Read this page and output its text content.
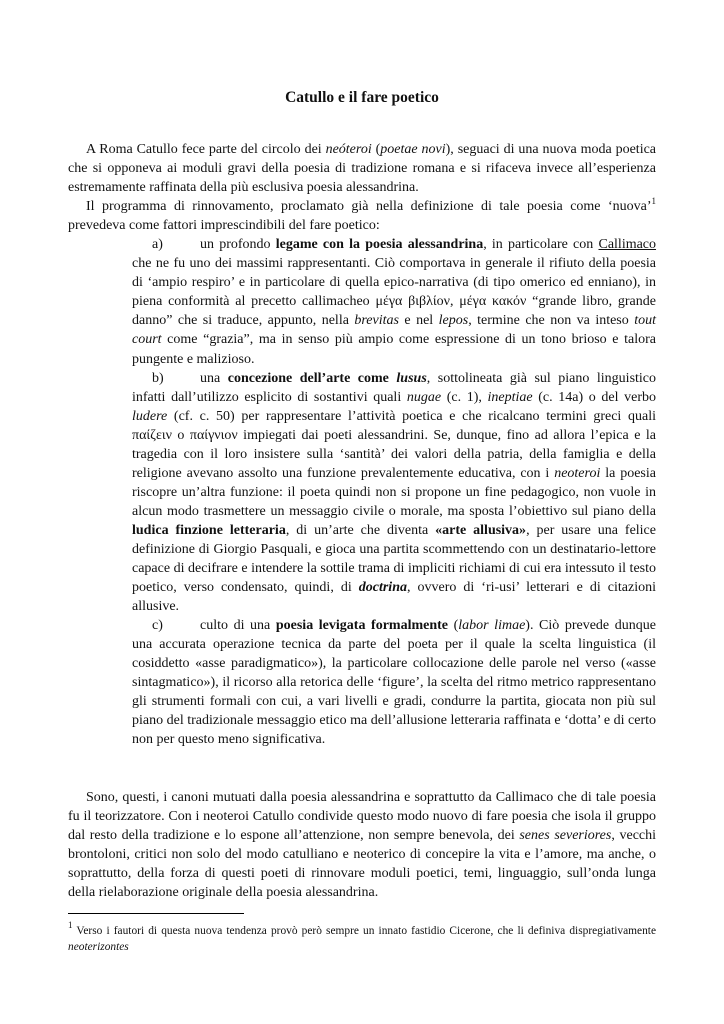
Catullo e il fare poetico

A Roma Catullo fece parte del circolo dei neóteroi (poetae novi), seguaci di una nuova moda poetica che si opponeva ai moduli gravi della poesia di tradizione romana e si rifaceva invece all’esperienza estremamente raffinata della più esclusiva poesia alessandrina.

Il programma di rinnovamento, proclamato già nella definizione di tale poesia come ‘nuova’$^1$ prevedeva come fattori imprescindibili del fare poetico:

a)	un profondo legame con la poesia alessandrina, in particolare con Callimaco che ne fu uno dei massimi rappresentanti. Ciò comportava in generale il rifiuto della poesia di ‘ampio respiro’ e in particolare di quella epico-narrativa (di tipo omerico ed enniano), in piena conformità al precetto callimacheo μέγα βιβλίον, μέγα κακόν “grande libro, grande danno” che si traduce, appunto, nella brevitas e nel lepos, termine che non va inteso tout court come “grazia”, ma in senso più ampio come espressione di un tono brioso e talora pungente e malizioso.

b)	una concezione dell’arte come lusus, sottolineata già sul piano linguistico infatti dall’utilizzo esplicito di sostantivi quali nugae (c. 1), ineptiae (c. 14a) o del verbo ludere (cf. c. 50) per rappresentare l’attività poetica e che ricalcano termini greci quali παίζειν o παίγνιον impiegati dai poeti alessandrini. Se, dunque, fino ad allora l’epica e la tragedia con il loro insistere sulla ‘santità’ dei valori della patria, della famiglia e della religione avevano assolto una funzione prevalentemente educativa, con i neoteroi la poesia riscopre un’altra funzione: il poeta quindi non si propone un fine pedagogico, non vuole in alcun modo trasmettere un messaggio civile o morale, ma sposta l’obiettivo sul piano della ludica finzione letteraria, di un’arte che diventa «arte allusiva», per usare una felice definizione di Giorgio Pasquali, e gioca una partita scommettendo con un destinatario-lettore capace di decifrare e intendere la sottile trama di impliciti richiami di cui era intessuto il testo poetico, verso condensato, quindi, di doctrina, ovvero di ‘ri-usi’ letterari e di citazioni allusive.

c)	culto di una poesia levigata formalmente (labor limae). Ciò prevede dunque una accurata operazione tecnica da parte del poeta per il quale la scelta linguistica (il cosiddetto «asse paradigmatico»), la particolare collocazione delle parole nel verso («asse sintagmatico»), il ricorso alla retorica delle ‘figure’, la scelta del ritmo metrico rappresentano gli strumenti formali con cui, a vari livelli e gradi, condurre la partita, giocata non più sul piano del tradizionale messaggio etico ma dell’allusione letteraria raffinata e ‘dotta’ e di certo non per questo meno significativa.

Sono, questi, i canoni mutuati dalla poesia alessandrina e soprattutto da Callimaco che di tale poesia fu il teorizzatore. Con i neoteroi Catullo condivide questo modo nuovo di fare poesia che isola il gruppo dal resto della tradizione e lo espone all’attenzione, non sempre benevola, dei senes severiores, vecchi brontoloni, critici non solo del modo catulliano e neoterico di concepire la vita e l’amore, ma anche, o soprattutto, della forza di questi poeti di rinnovare moduli poetici, temi, linguaggio, sull’onda lunga della rielaborazione originale della poesia alessandrina.

$^1$ Verso i fautori di questa nuova tendenza provò però sempre un innato fastidio Cicerone, che li definiva dispregiativamente neoterizontes
